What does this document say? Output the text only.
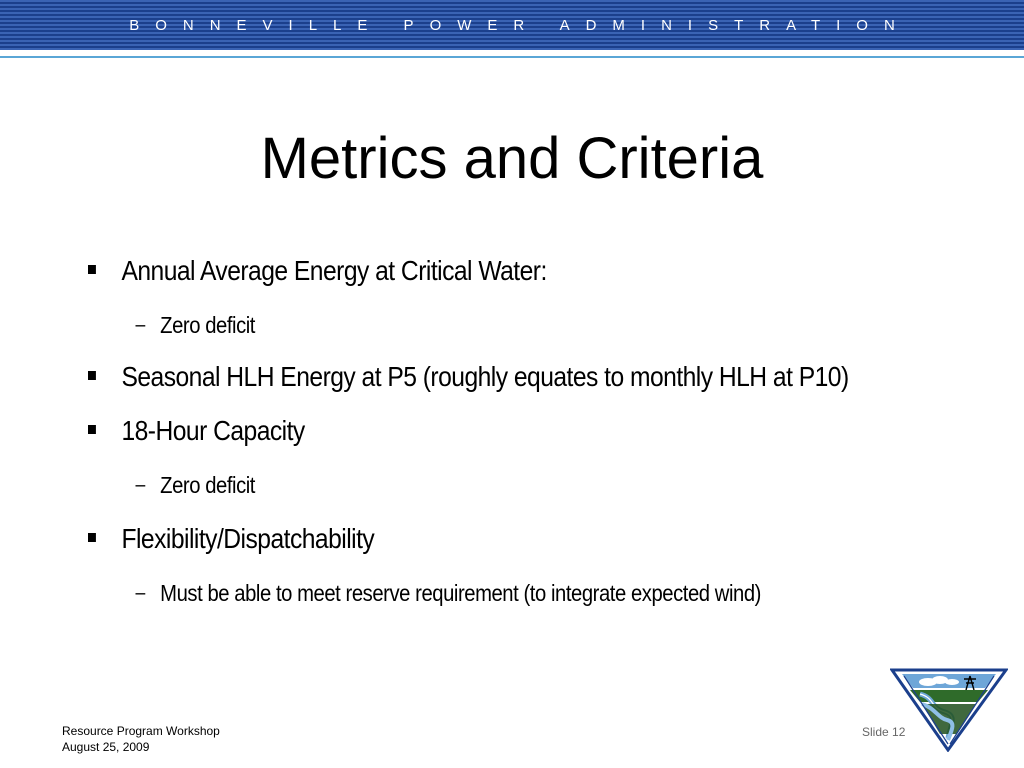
BONNEVILLE POWER ADMINISTRATION
Metrics and Criteria
Annual Average Energy at Critical Water:
– Zero deficit
Seasonal HLH Energy at P5 (roughly equates to monthly HLH at P10)
18-Hour Capacity
– Zero deficit
Flexibility/Dispatchability
– Must be able to meet reserve requirement (to integrate expected wind)
Resource Program Workshop
August 25, 2009
Slide 12
